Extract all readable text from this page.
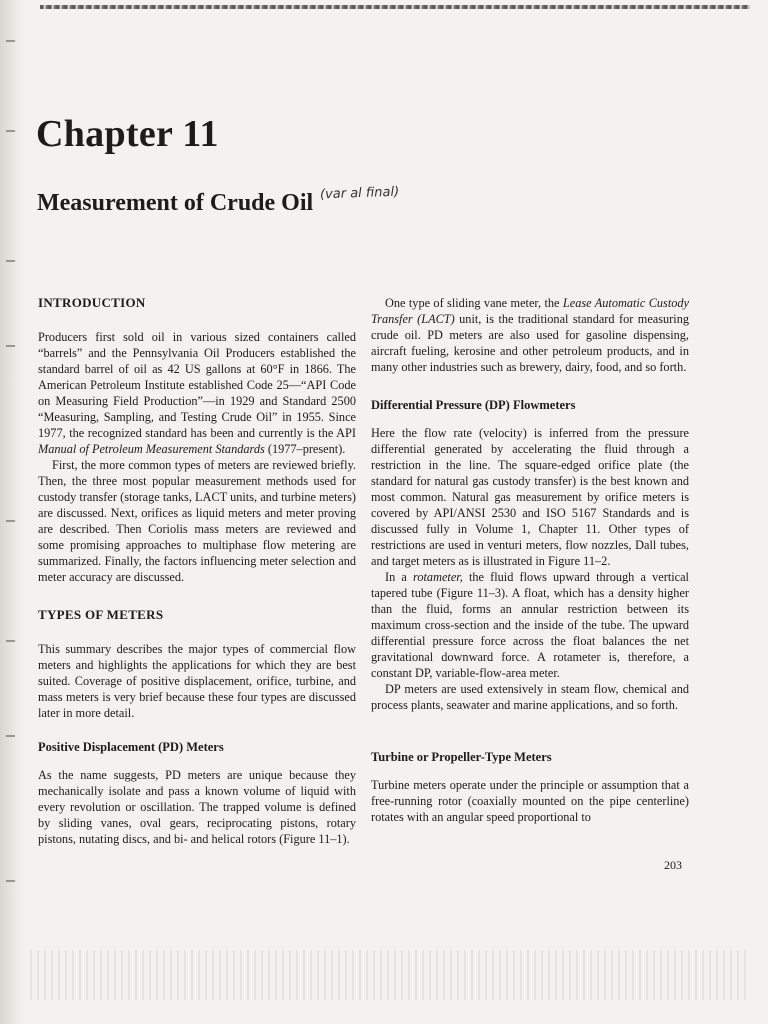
Chapter 11
Measurement of Crude Oil (var al final)
INTRODUCTION

Producers first sold oil in various sized containers called “barrels” and the Pennsylvania Oil Producers established the standard barrel of oil as 42 US gallons at 60°F in 1866. The American Petroleum Institute established Code 25—“API Code on Measuring Field Production”—in 1929 and Standard 2500 “Measuring, Sampling, and Testing Crude Oil” in 1955. Since 1977, the recognized standard has been and currently is the API Manual of Petroleum Measurement Standards (1977–present).

First, the more common types of meters are reviewed briefly. Then, the three most popular measurement methods used for custody transfer (storage tanks, LACT units, and turbine meters) are discussed. Next, orifices as liquid meters and meter proving are described. Then Coriolis mass meters are reviewed and some promising approaches to multiphase flow metering are summarized. Finally, the factors influencing meter selection and meter accuracy are discussed.

TYPES OF METERS

This summary describes the major types of commercial flow meters and highlights the applications for which they are best suited. Coverage of positive displacement, orifice, turbine, and mass meters is very brief because these four types are discussed later in more detail.

Positive Displacement (PD) Meters

As the name suggests, PD meters are unique because they mechanically isolate and pass a known volume of liquid with every revolution or oscillation. The trapped volume is defined by sliding vanes, oval gears, reciprocating pistons, rotary pistons, nutating discs, and bi- and helical rotors (Figure 11–1).

One type of sliding vane meter, the Lease Automatic Custody Transfer (LACT) unit, is the traditional standard for measuring crude oil. PD meters are also used for gasoline dispensing, aircraft fueling, kerosine and other petroleum products, and in many other industries such as brewery, dairy, food, and so forth.

Differential Pressure (DP) Flowmeters

Here the flow rate (velocity) is inferred from the pressure differential generated by accelerating the fluid through a restriction in the line. The square-edged orifice plate (the standard for natural gas custody transfer) is the best known and most common. Natural gas measurement by orifice meters is covered by API/ANSI 2530 and ISO 5167 Standards and is discussed fully in Volume 1, Chapter 11. Other types of restrictions are used in venturi meters, flow nozzles, Dall tubes, and target meters as is illustrated in Figure 11–2.

In a rotameter, the fluid flows upward through a vertical tapered tube (Figure 11–3). A float, which has a density higher than the fluid, forms an annular restriction between its maximum cross-section and the inside of the tube. The upward differential pressure force across the float balances the net gravitational downward force. A rotameter is, therefore, a constant DP, variable-flow-area meter.

DP meters are used extensively in steam flow, chemical and process plants, seawater and marine applications, and so forth.

Turbine or Propeller-Type Meters

Turbine meters operate under the principle or assumption that a free-running rotor (coaxially mounted on the pipe centerline) rotates with an angular speed proportional to

203
